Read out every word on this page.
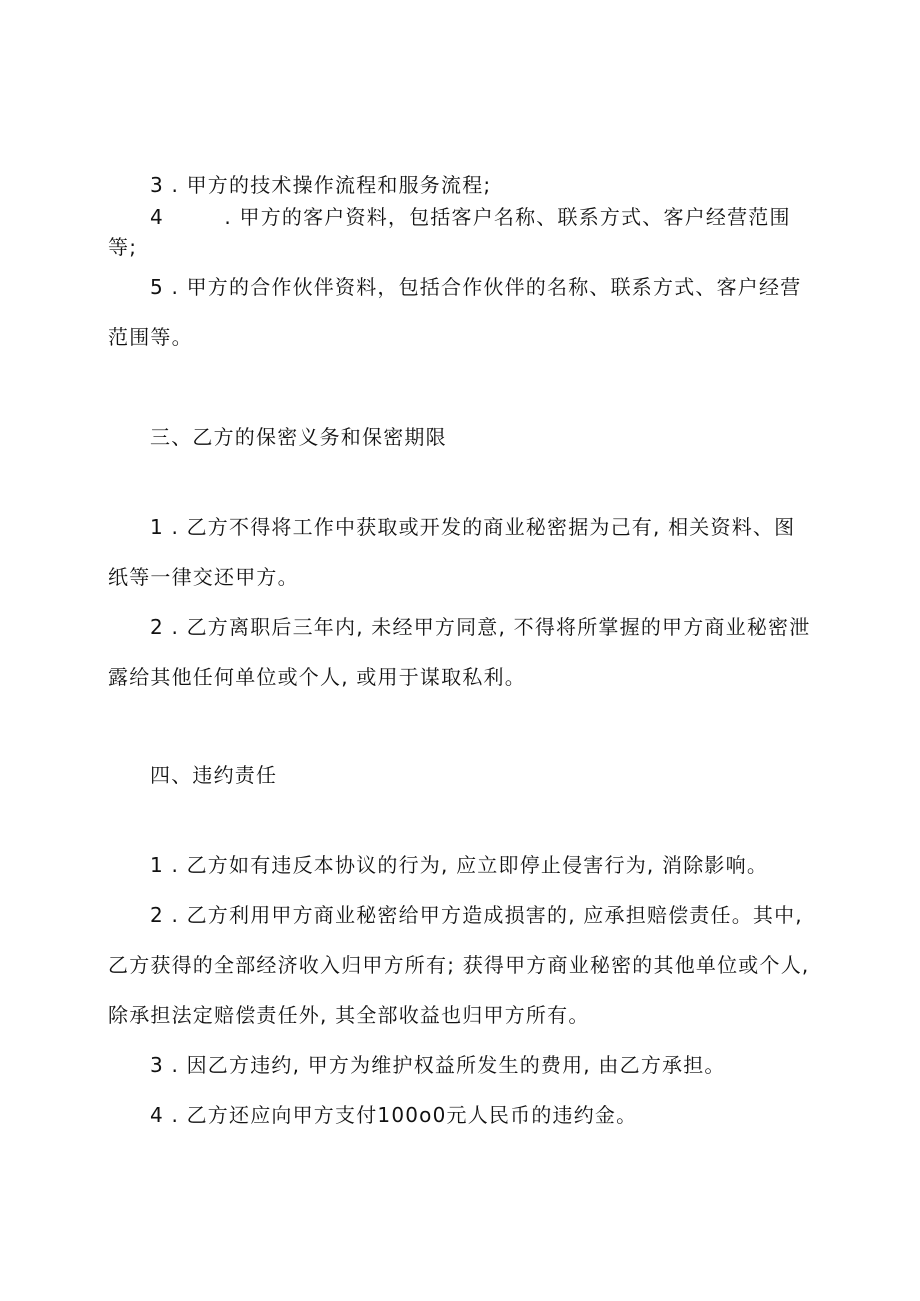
3 . 甲方的技术操作流程和服务流程;
4        . 甲方的客户资料，包括客户名称、联系方式、客户经营范围
等;
5 . 甲方的合作伙伴资料，包括合作伙伴的名称、联系方式、客户经营
范围等。
三、乙方的保密义务和保密期限
1 . 乙方不得将工作中获取或开发的商业秘密据为己有, 相关资料、图
纸等一律交还甲方。
2 . 乙方离职后三年内, 未经甲方同意, 不得将所掌握的甲方商业秘密泄
露给其他任何单位或个人, 或用于谋取私利。
四、违约责任
1 . 乙方如有违反本协议的行为, 应立即停止侵害行为, 消除影响。
2 . 乙方利用甲方商业秘密给甲方造成损害的, 应承担赔偿责任。其中,
乙方获得的全部经济收入归甲方所有; 获得甲方商业秘密的其他单位或个人,
除承担法定赔偿责任外, 其全部收益也归甲方所有。
3 . 因乙方违约, 甲方为维护权益所发生的费用, 由乙方承担。
4 . 乙方还应向甲方支付100o0元人民币的违约金。
